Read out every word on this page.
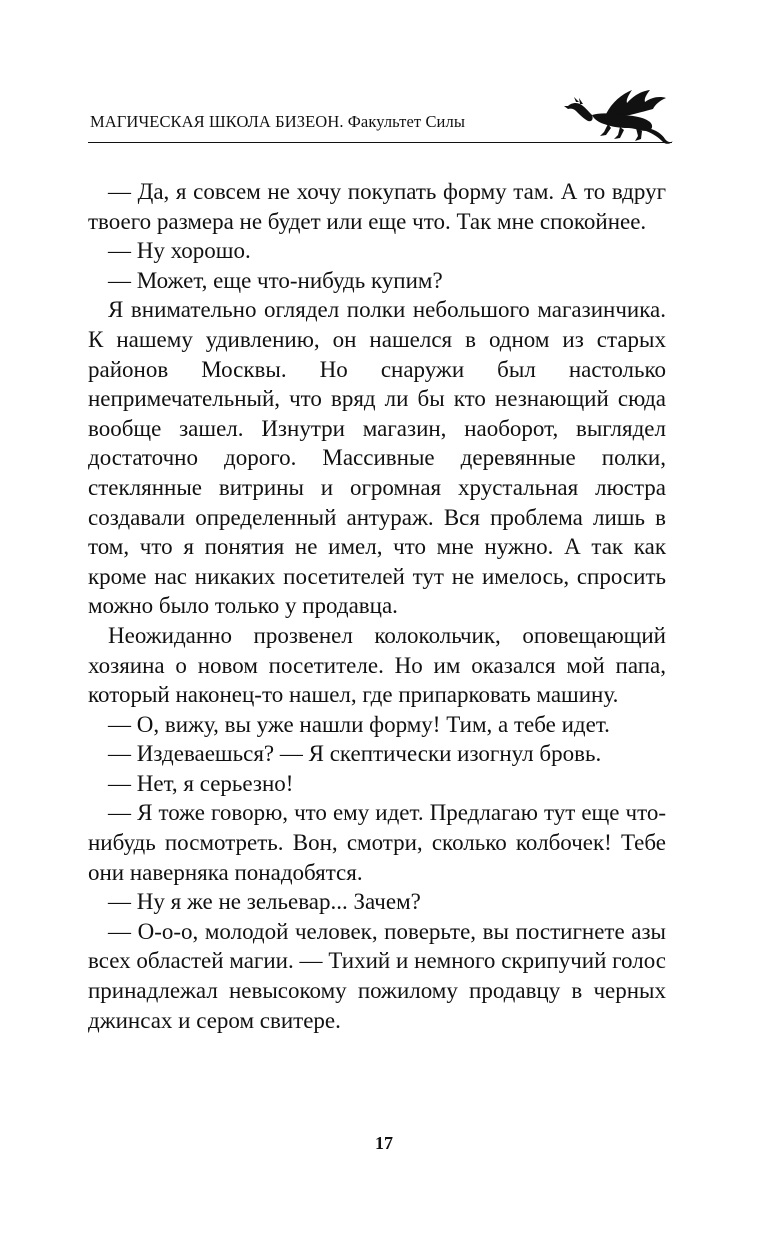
МАГИЧЕСКАЯ ШКОЛА БИЗЕОН. Факультет Силы

— Да, я совсем не хочу покупать форму там. А то вдруг твоего размера не будет или еще что. Так мне спокойнее.

— Ну хорошо.

— Может, еще что-нибудь купим?

Я внимательно оглядел полки небольшого магазинчика. К нашему удивлению, он нашелся в одном из старых районов Москвы. Но снаружи был настолько непримечательный, что вряд ли бы кто незнающий сюда вообще зашел. Изнутри магазин, наоборот, выглядел достаточно дорого. Массивные деревянные полки, стеклянные витрины и огромная хрустальная люстра создавали определенный антураж. Вся проблема лишь в том, что я понятия не имел, что мне нужно. А так как кроме нас никаких посетителей тут не имелось, спросить можно было только у продавца.

Неожиданно прозвенел колокольчик, оповещающий хозяина о новом посетителе. Но им оказался мой папа, который наконец-то нашел, где припарковать машину.

— О, вижу, вы уже нашли форму! Тим, а тебе идет.

— Издеваешься? — Я скептически изогнул бровь.

— Нет, я серьезно!

— Я тоже говорю, что ему идет. Предлагаю тут еще что-нибудь посмотреть. Вон, смотри, сколько колбочек! Тебе они наверняка понадобятся.

— Ну я же не зельевар... Зачем?

— О-о-о, молодой человек, поверьте, вы постигнете азы всех областей магии. — Тихий и немного скрипучий голос принадлежал невысокому пожилому продавцу в черных джинсах и сером свитере.

17
